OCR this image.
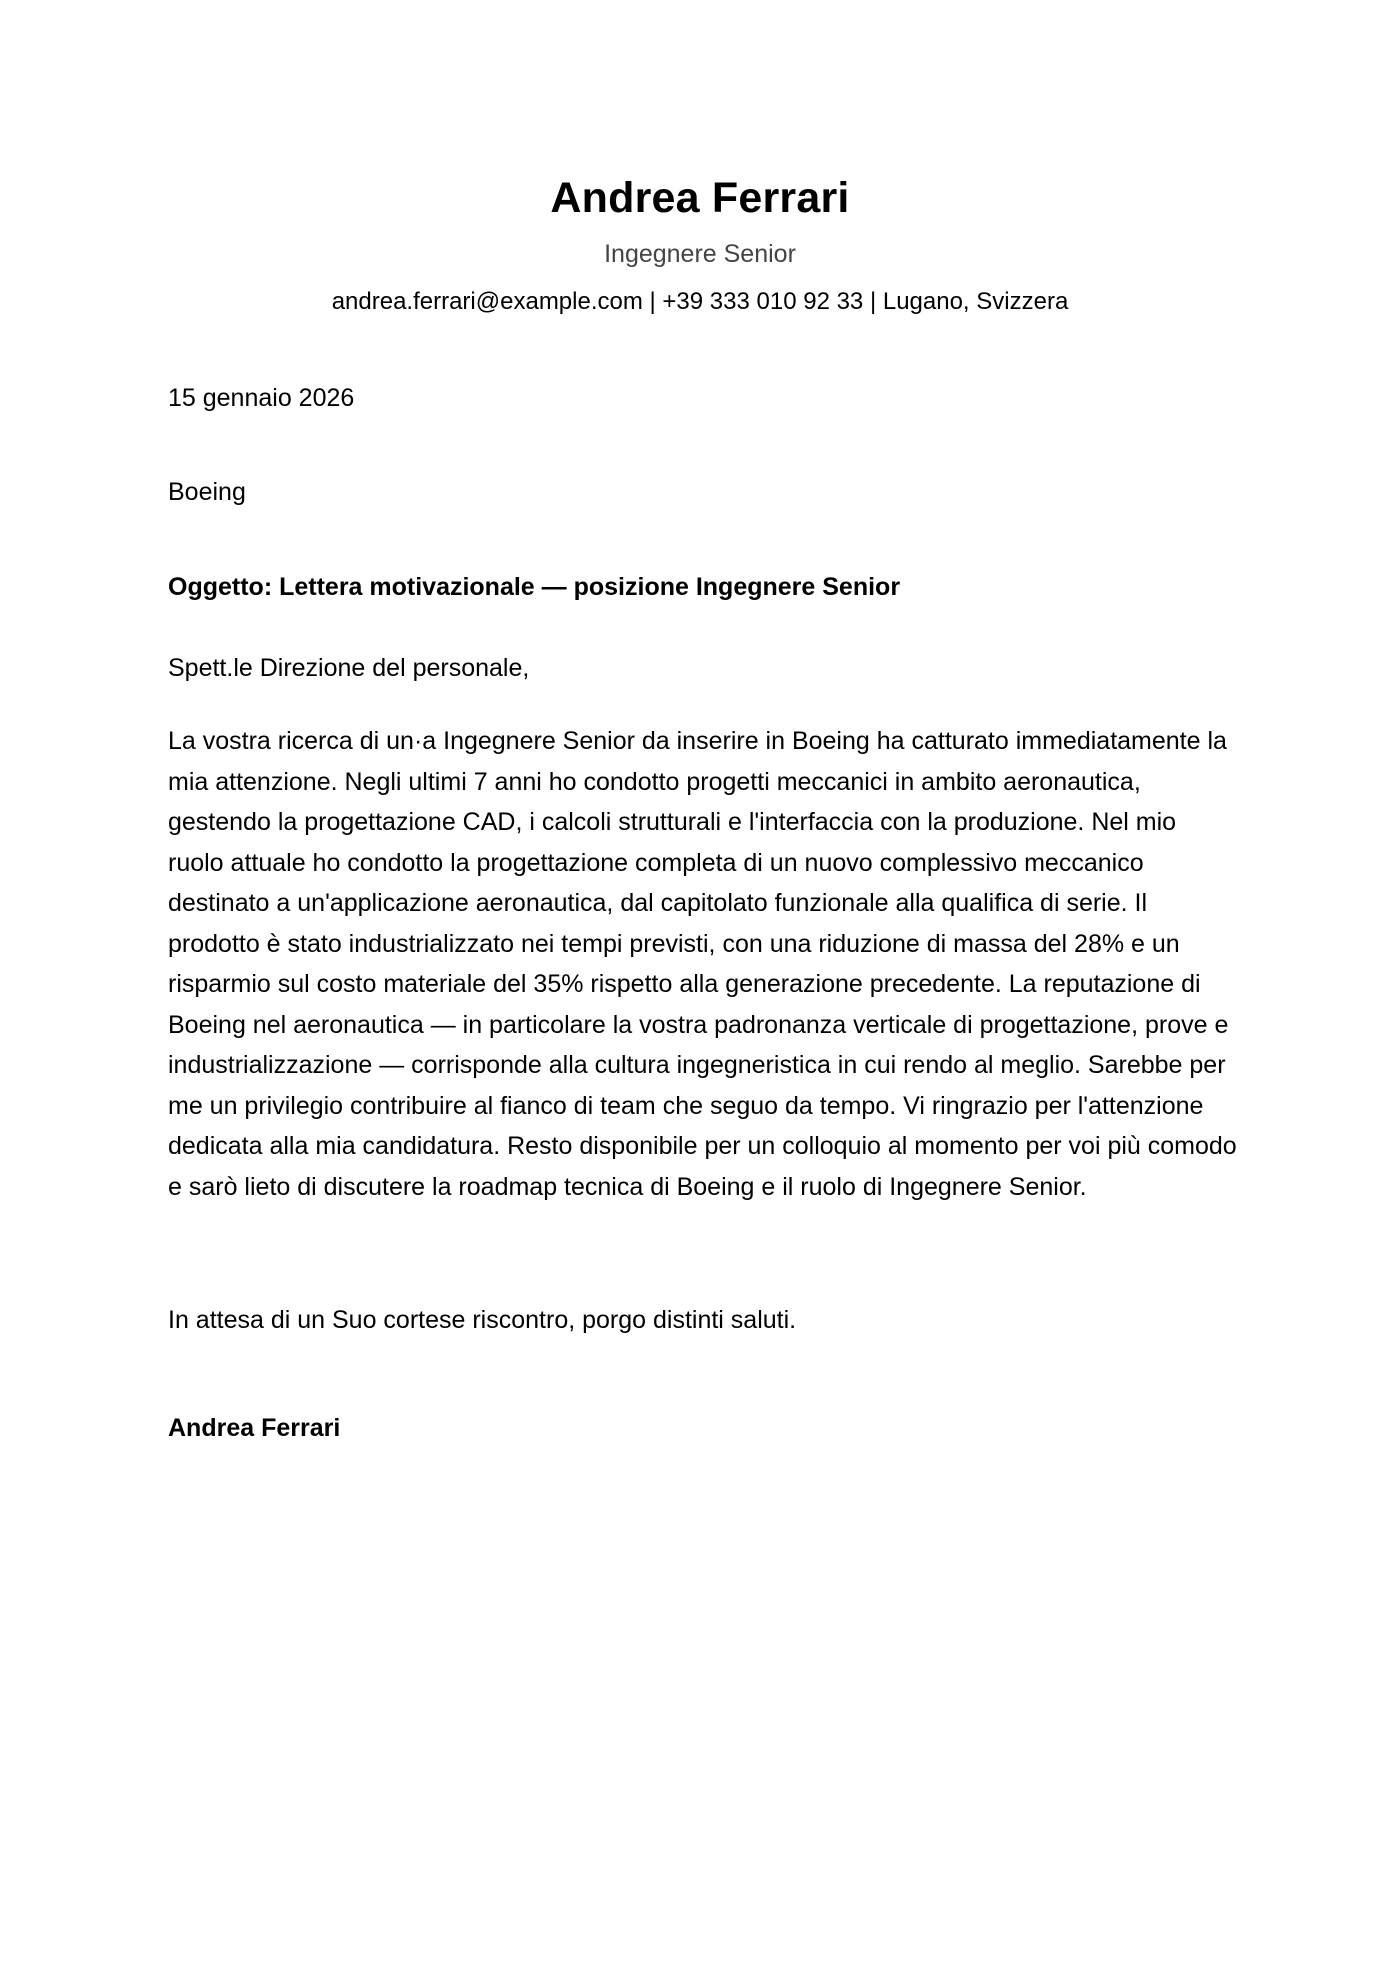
Andrea Ferrari
Ingegnere Senior
andrea.ferrari@example.com | +39 333 010 92 33 | Lugano, Svizzera
15 gennaio 2026
Boeing
Oggetto: Lettera motivazionale — posizione Ingegnere Senior
Spett.le Direzione del personale,
La vostra ricerca di un·a Ingegnere Senior da inserire in Boeing ha catturato immediatamente la mia attenzione. Negli ultimi 7 anni ho condotto progetti meccanici in ambito aeronautica, gestendo la progettazione CAD, i calcoli strutturali e l'interfaccia con la produzione. Nel mio ruolo attuale ho condotto la progettazione completa di un nuovo complessivo meccanico destinato a un'applicazione aeronautica, dal capitolato funzionale alla qualifica di serie. Il prodotto è stato industrializzato nei tempi previsti, con una riduzione di massa del 28% e un risparmio sul costo materiale del 35% rispetto alla generazione precedente. La reputazione di Boeing nel aeronautica — in particolare la vostra padronanza verticale di progettazione, prove e industrializzazione — corrisponde alla cultura ingegneristica in cui rendo al meglio. Sarebbe per me un privilegio contribuire al fianco di team che seguo da tempo. Vi ringrazio per l'attenzione dedicata alla mia candidatura. Resto disponibile per un colloquio al momento per voi più comodo e sarò lieto di discutere la roadmap tecnica di Boeing e il ruolo di Ingegnere Senior.
In attesa di un Suo cortese riscontro, porgo distinti saluti.
Andrea Ferrari
